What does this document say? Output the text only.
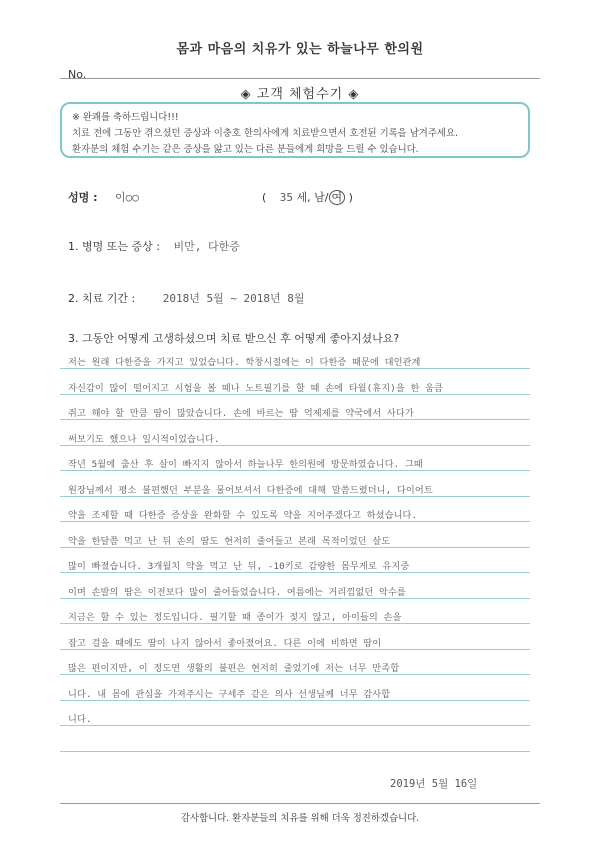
몸과 마음의 치유가 있는 하늘나무 한의원
No.
◈ 고객 체험수기 ◈
※ 완쾌를 축하드립니다!!!
치료 전에 그동안 겪으셨던 증상과 이충호 한의사에게 치료받으면서 호전된 기록을 남겨주세요.
환자분의 체험 수기는 같은 증상을 앓고 있는 다른 분들에게 희망을 드릴 수 있습니다.
성명 : 이○○	( 35 세, 남/ 여 )
1. 병명 또는 증상 : 비만, 다한증
2. 치료 기간 :	2018년 5월 ~ 2018년 8월
3. 그동안 어떻게 고생하셨으며 치료 받으신 후 어떻게 좋아지셨나요?
저는 원래 다한증을 가지고 있었습니다. 학창시절에는 이 다한증 때문에 대인관계
자신감이 많이 떨어지고 시험을 볼 때나 노트필기를 할 때 손에 타월(휴지)을 한 움큼
쥐고 해야 할 만큼 땀이 많았습니다. 손에 바르는 땀 억제제를 약국에서 사다가
써보기도 했으나 일시적이었습니다.
작년 5월에 출산 후 살이 빠지지 않아서 하늘나무 한의원에 방문하였습니다. 그때
원장님께서 평소 불편했던 부분을 물어보셔서 다한증에 대해 말씀드렸더니, 다이어트
약을 조제할 때 다한증 증상을 완화할 수 있도록 약을 지어주겠다고 하셨습니다.
약을 한달쯤 먹고 난 뒤 손의 땀도 현저히 줄어들고 본래 목적이었던 살도
많이 빠졌습니다. 3개월치 약을 먹고 난 뒤, -10키로 감량한 몸무게로 유지중
이며 손발의 땀은 이전보다 많이 줄어들었습니다. 여름에는 거리낌없던 악수를
지금은 할 수 있는 정도입니다. 필기할 때 종이가 젖지 않고, 아이들의 손을
잡고 걸을 때에도 땀이 나지 않아서 좋아졌어요. 다른 이에 비하면 땀이
많은 편이지만, 이 정도면 생활의 불편은 현저히 줄었기에 저는 너무 만족합
니다. 내 몸에 관심을 가져주시는 구세주 같은 의사 선생님께 너무 감사합
니다.
2019년 5월 16일
감사합니다. 환자분들의 치유를 위해 더욱 정진하겠습니다.
